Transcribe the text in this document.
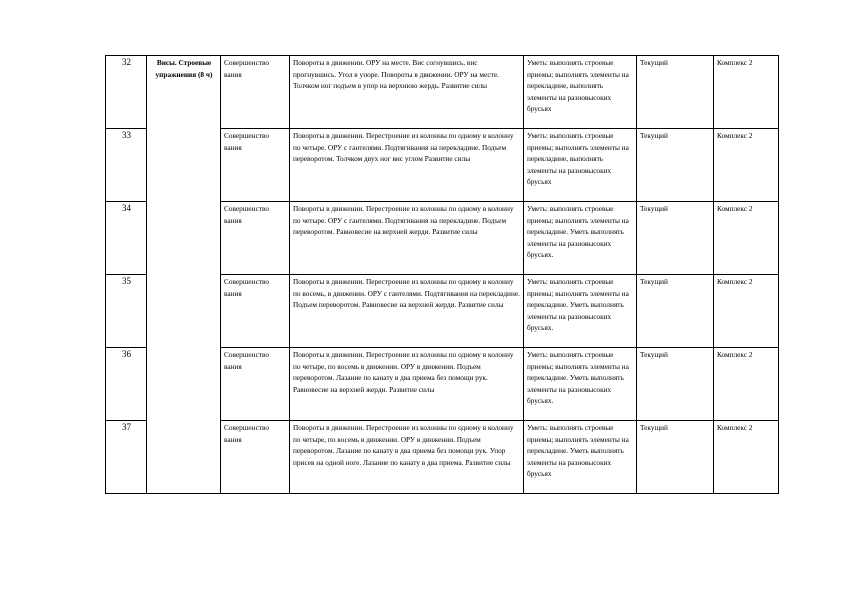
32	Висы. Строевые упражнения (8 ч)	Совершенство вания	Повороты в движении. ОРУ на месте. Вис согнувшись, вис прогнувшись. Угол в упоре. Повороты в движении. ОРУ на месте. Толчком ног подъем в упор на верхнюю жердь. Развитие силы	Уметь: выполнять строевые приемы; выполнять элементы на перекладине, выполнять элементы на разновысоких брусьях	Текущий	Комплекс 2

33		Совершенство вания	Повороты в движении. Перестроение из колонны по одному в колонну по четыре. ОРУ с гантелями. Подтягивания на перекладине. Подъем переворотом. Толчком двух ног вис углом Развитие силы	Уметь: выполнять строевые приемы; выполнять элементы на перекладине, выполнять элементы на разновысоких брусьях	Текущий	Комплекс 2

34		Совершенство вания	Повороты в движении. Перестроение из колонны по одному в колонну по четыре. ОРУ с гантелями. Подтягивания на перекладине. Подъем переворотом. Равновесие на верхней жерди. Развитие силы	Уметь: выполнять строевые приемы; выполнять элементы на перекладине. Уметь выполнять элементы на разновысоких брусьях.	Текущий	Комплекс 2

35		Совершенство вания	Повороты в движении. Перестроение из колонны по одному в колонну по восемь, в движении. ОРУ с гантелями. Подтягивания на перекладине. Подъем переворотом. Равновесие на верхней жерди. Развитие силы	Уметь: выполнять строевые приемы; выполнять элементы на перекладине. Уметь выполнять элементы на разновысоких брусьях.	Текущий	Комплекс 2

36		Совершенство вания	Повороты в движении. Перестроение из колонны по одному в колонну по четыре, по восемь в движении. ОРУ в движении. Подъем переворотом. Лазание по канату в два приема без помощи рук. Равновесие на верхней жерди. Развитие силы	Уметь: выполнять строевые приемы; выполнять элементы на перекладине. Уметь выполнять элементы на разновысоких брусьях.	Текущий	Комплекс 2

37		Совершенство вания	Повороты в движении. Перестроение из колонны по одному в колонну по четыре, по восемь в движении. ОРУ в движении. Подъем переворотом. Лазание по канату в два приема без помощи рук. Упор присев на одной ноге. Лазание по канату в два приема. Развитие силы	Уметь: выполнять строевые приемы; выполнять элементы на перекладине. Уметь выполнять элементы на разновысоких брусьях	Текущий	Комплекс 2
